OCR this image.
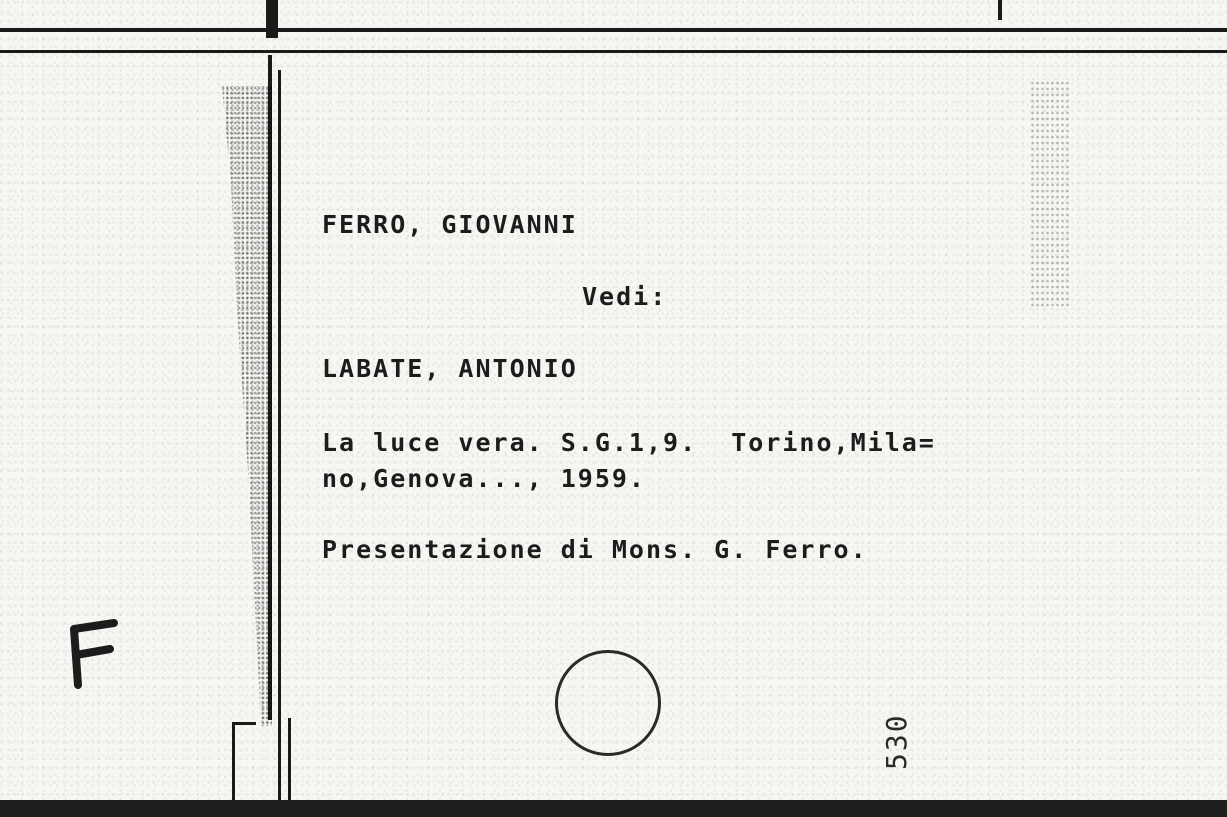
FERRO, GIOVANNI

Vedi:

LABATE, ANTONIO

La luce vera. S.G.1,9.  Torino,Mila=

no,Genova..., 1959.

Presentazione di Mons. G. Ferro.

530
